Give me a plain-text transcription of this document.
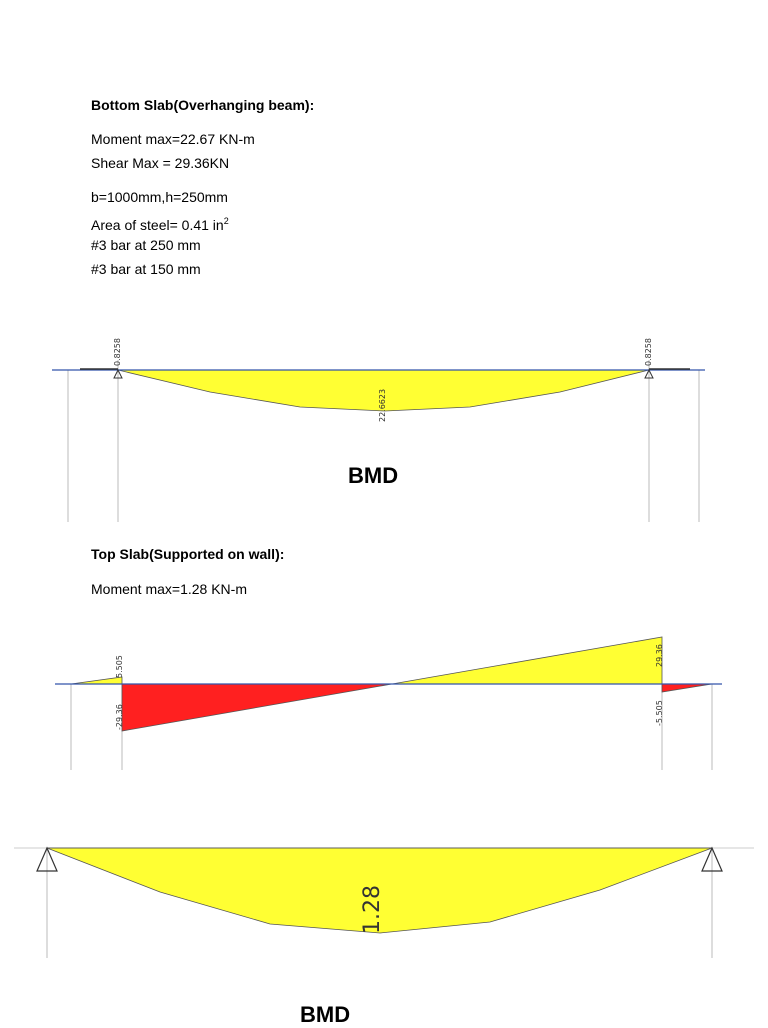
Bottom Slab(Overhanging beam):
Moment max=22.67 KN-m
Shear Max = 29.36KN
b=1000mm,h=250mm
Area of steel= 0.41 $in^2$
#3 bar at 250 mm
#3 bar at 150 mm
0.8258	0.8258
22.6623
5.505
-29.36
29.36
-5.505
1.28
BMD
Top Slab(Supported on wall):
Moment max=1.28 KN-m
BMD
